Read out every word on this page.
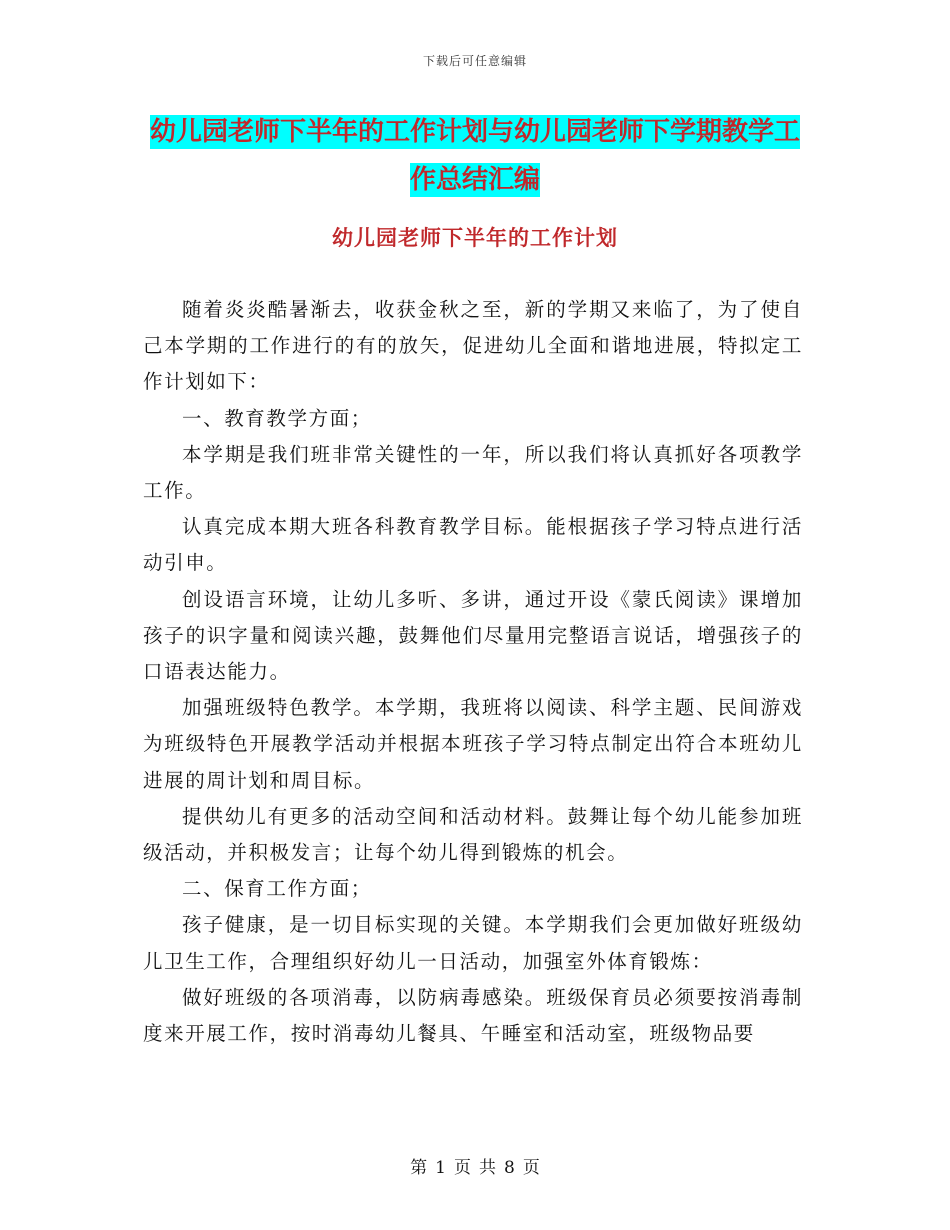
下载后可任意编辑
幼儿园老师下半年的工作计划与幼儿园老师下学期教学工作总结汇编
幼儿园老师下半年的工作计划

随着炎炎酷暑渐去，收获金秋之至，新的学期又来临了，为了使自己本学期的工作进行的有的放矢，促进幼儿全面和谐地进展，特拟定工作计划如下：

一、教育教学方面；

本学期是我们班非常关键性的一年，所以我们将认真抓好各项教学工作。

认真完成本期大班各科教育教学目标。能根据孩子学习特点进行活动引申。

创设语言环境，让幼儿多听、多讲，通过开设《蒙氏阅读》课增加孩子的识字量和阅读兴趣，鼓舞他们尽量用完整语言说话，增强孩子的口语表达能力。

加强班级特色教学。本学期，我班将以阅读、科学主题、民间游戏为班级特色开展教学活动并根据本班孩子学习特点制定出符合本班幼儿进展的周计划和周目标。

提供幼儿有更多的活动空间和活动材料。鼓舞让每个幼儿能参加班级活动，并积极发言；让每个幼儿得到锻炼的机会。

二、保育工作方面；

孩子健康，是一切目标实现的关键。本学期我们会更加做好班级幼儿卫生工作，合理组织好幼儿一日活动，加强室外体育锻炼：

做好班级的各项消毒，以防病毒感染。班级保育员必须要按消毒制度来开展工作，按时消毒幼儿餐具、午睡室和活动室，班级物品要

第 1 页 共 8 页
